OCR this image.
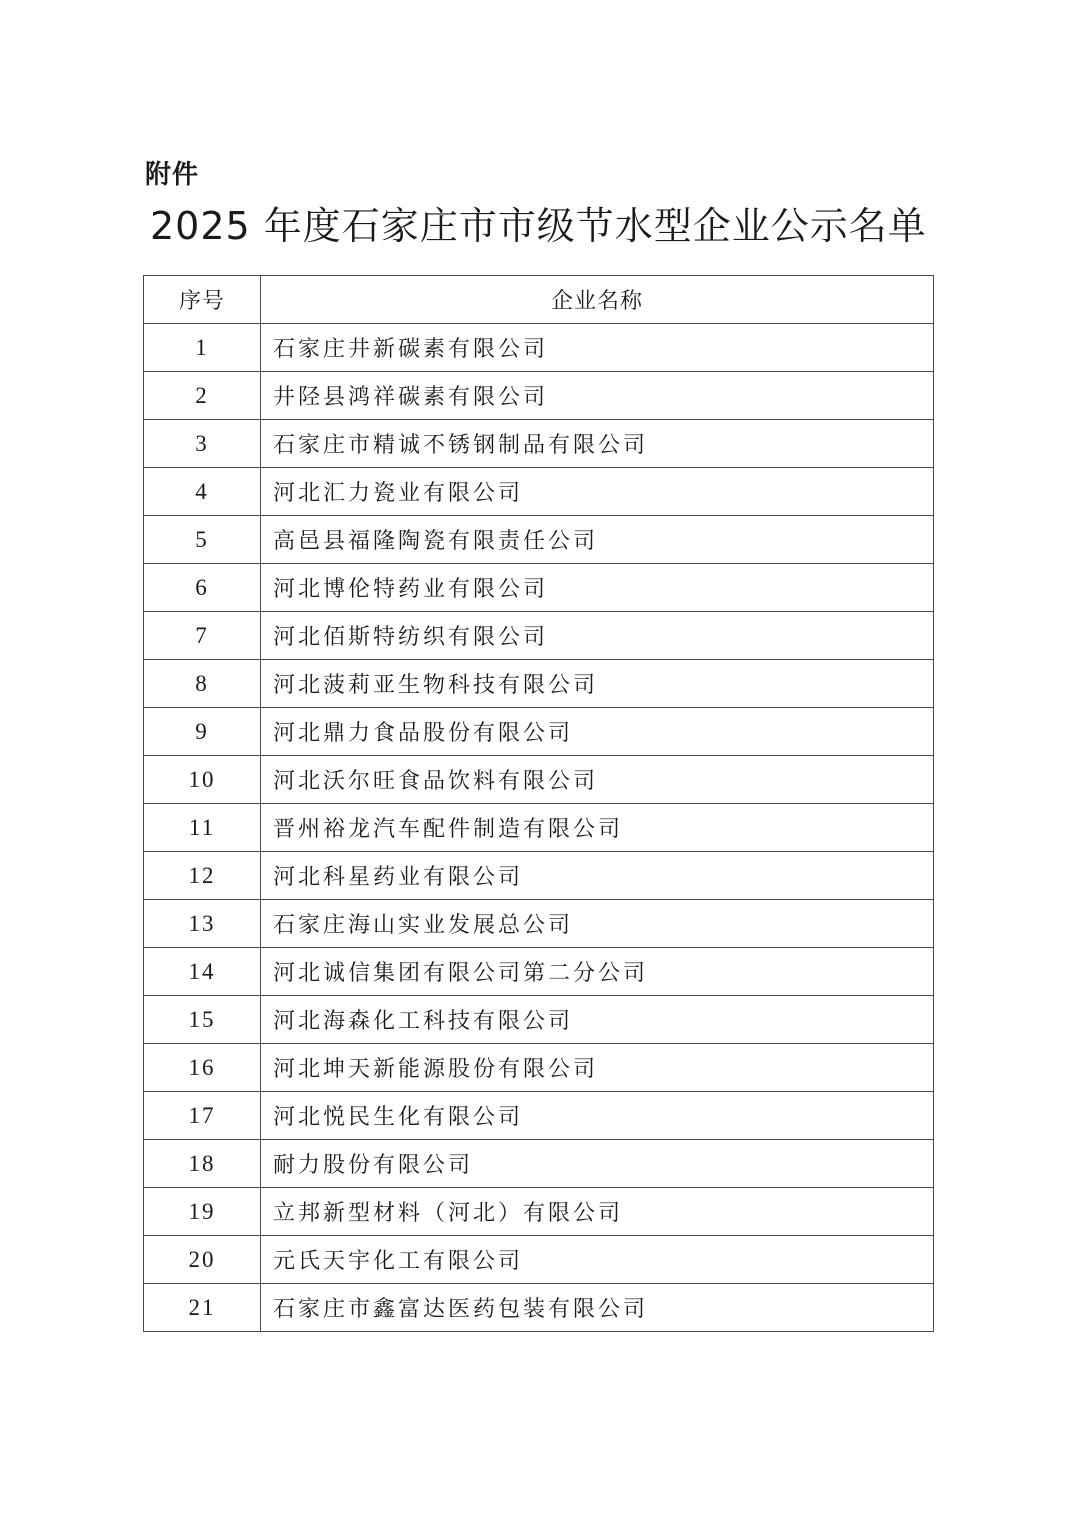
附件
2025 年度石家庄市市级节水型企业公示名单
序号	企业名称
1	石家庄井新碳素有限公司
2	井陉县鸿祥碳素有限公司
3	石家庄市精诚不锈钢制品有限公司
4	河北汇力瓷业有限公司
5	高邑县福隆陶瓷有限责任公司
6	河北博伦特药业有限公司
7	河北佰斯特纺织有限公司
8	河北菠莉亚生物科技有限公司
9	河北鼎力食品股份有限公司
10	河北沃尔旺食品饮料有限公司
11	晋州裕龙汽车配件制造有限公司
12	河北科星药业有限公司
13	石家庄海山实业发展总公司
14	河北诚信集团有限公司第二分公司
15	河北海森化工科技有限公司
16	河北坤天新能源股份有限公司
17	河北悦民生化有限公司
18	耐力股份有限公司
19	立邦新型材料（河北）有限公司
20	元氏天宇化工有限公司
21	石家庄市鑫富达医药包装有限公司
